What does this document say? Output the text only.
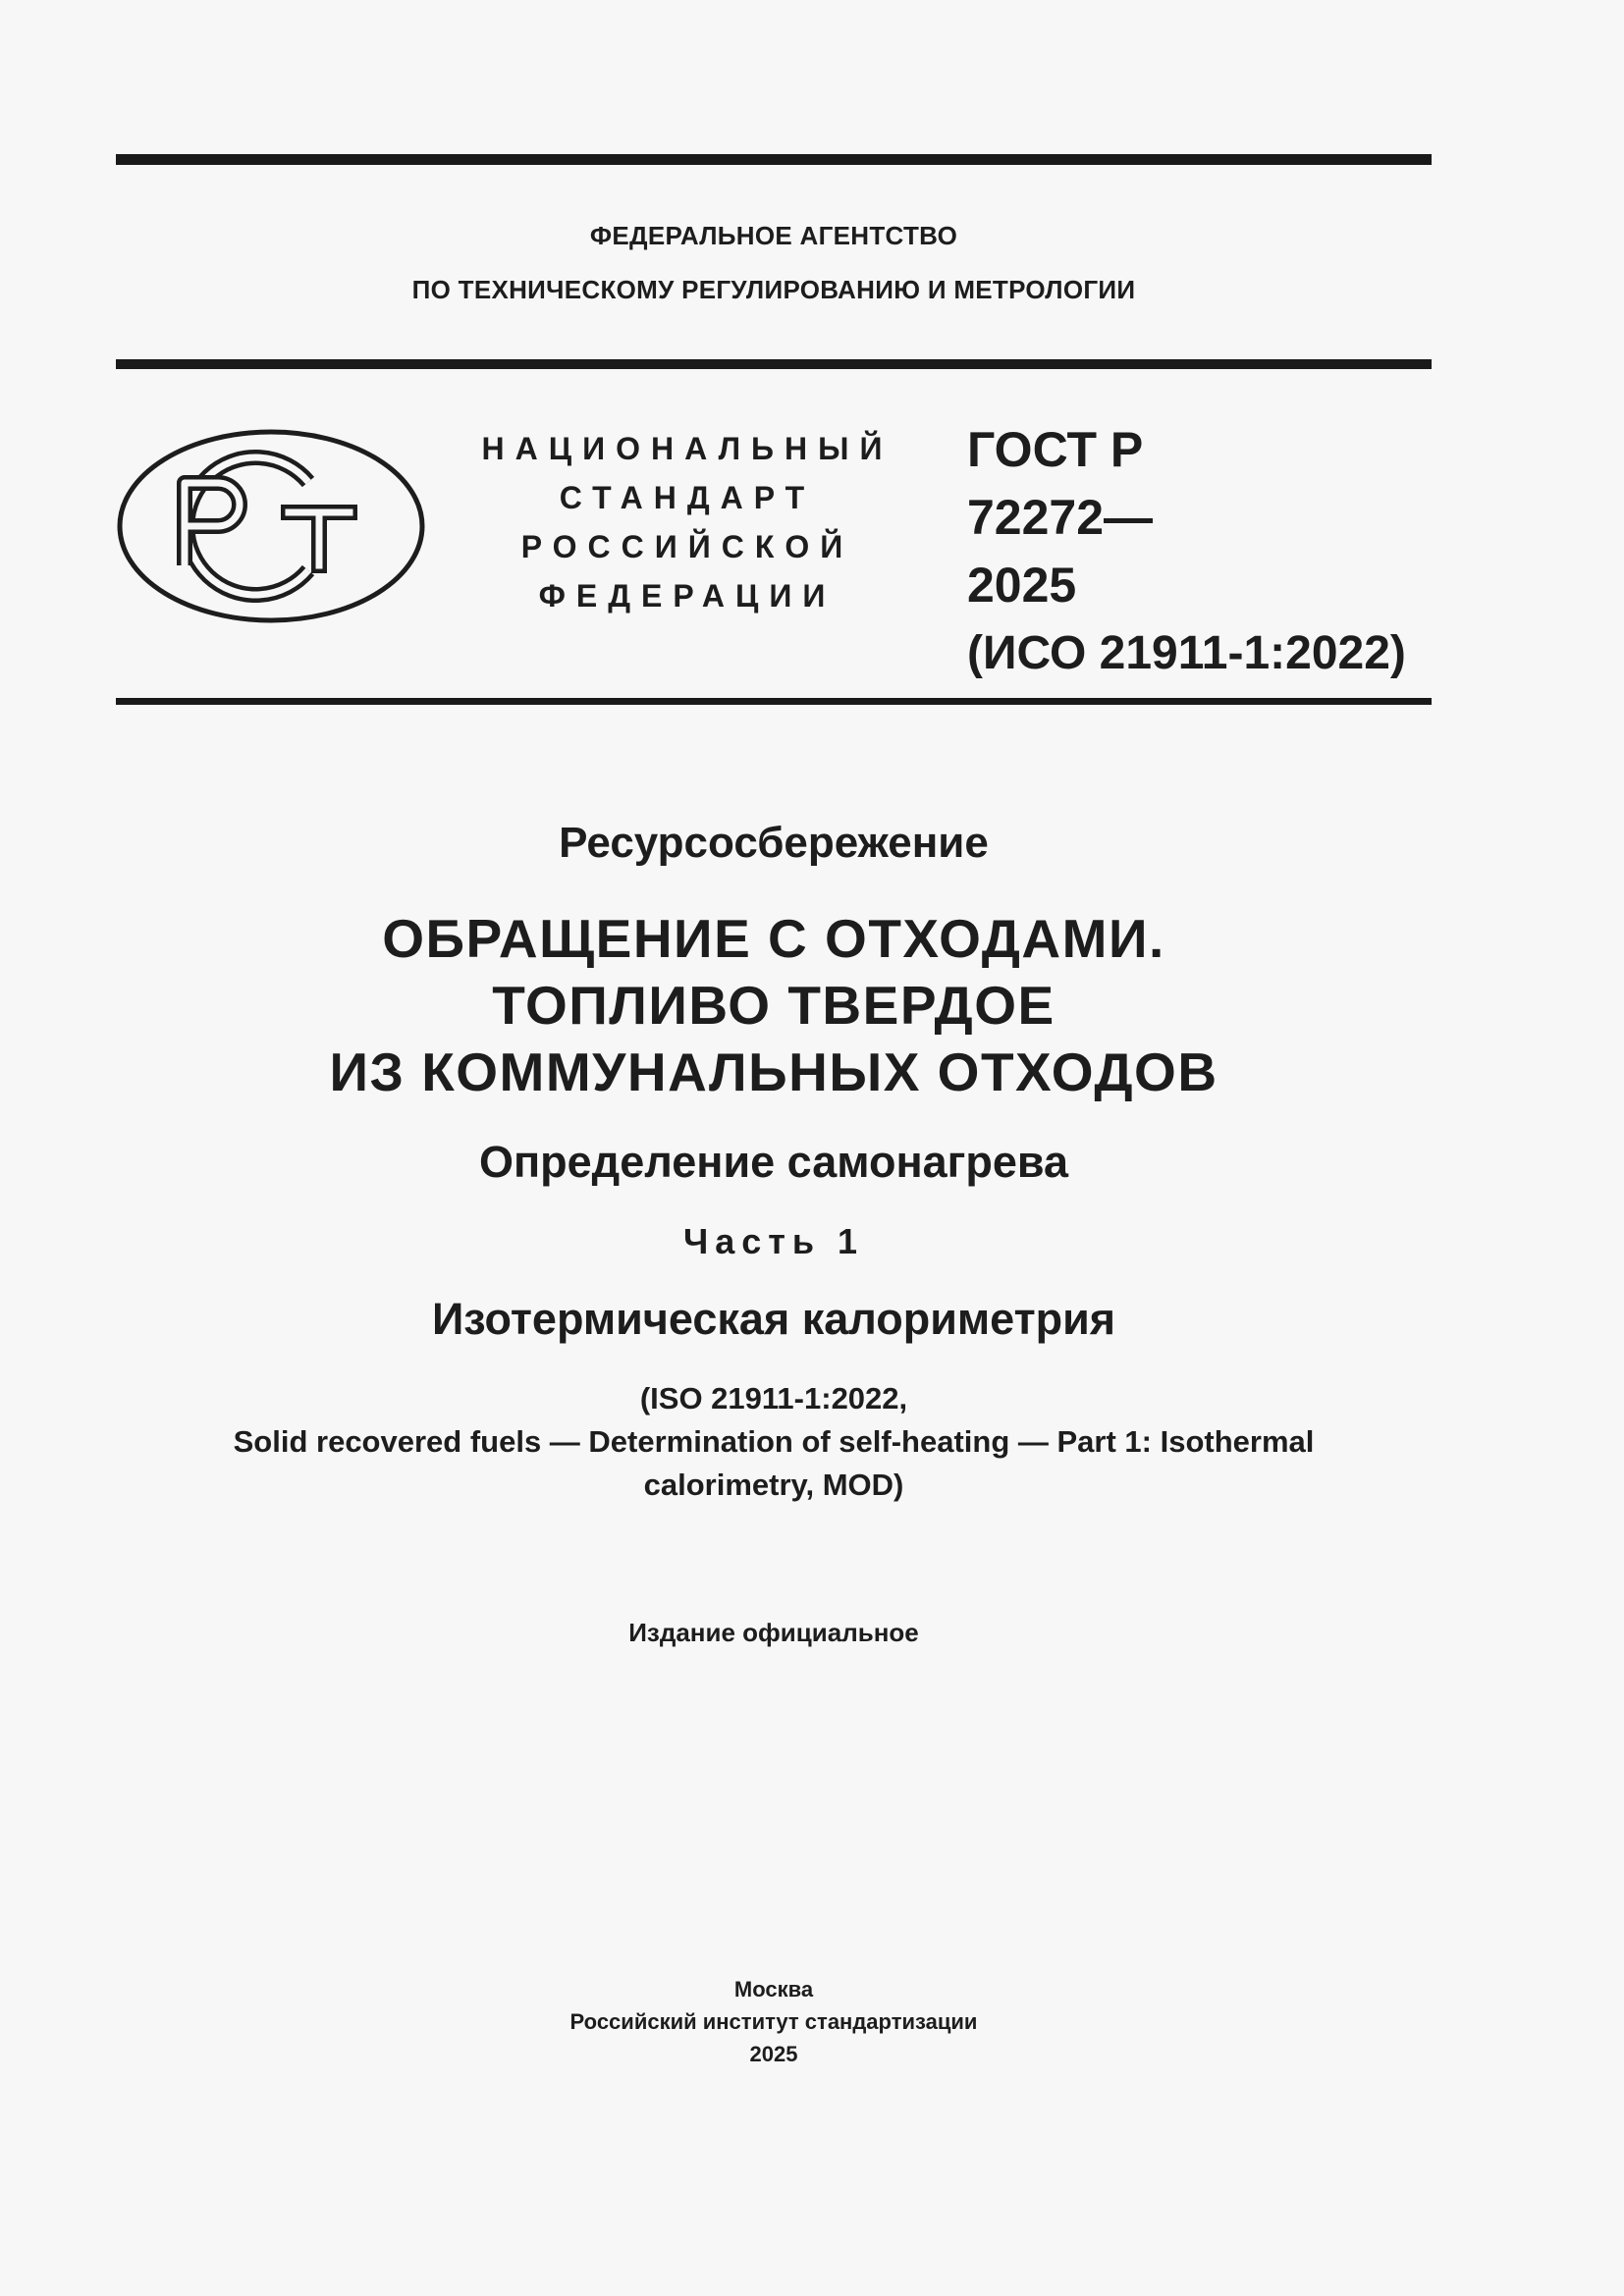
ФЕДЕРАЛЬНОЕ АГЕНТСТВО
ПО ТЕХНИЧЕСКОМУ РЕГУЛИРОВАНИЮ И МЕТРОЛОГИИ
НАЦИОНАЛЬНЫЙ
СТАНДАРТ
РОССИЙСКОЙ
ФЕДЕРАЦИИ
ГОСТ Р
72272—
2025
(ИСО 21911-1:2022)
Ресурсосбережение
ОБРАЩЕНИЕ С ОТХОДАМИ.
ТОПЛИВО ТВЕРДОЕ
ИЗ КОММУНАЛЬНЫХ ОТХОДОВ
Определение самонагрева
Часть 1
Изотермическая калориметрия
(ISO 21911-1:2022,
Solid recovered fuels — Determination of self-heating — Part 1: Isothermal
calorimetry, MOD)
Издание официальное
Москва
Российский институт стандартизации
2025
